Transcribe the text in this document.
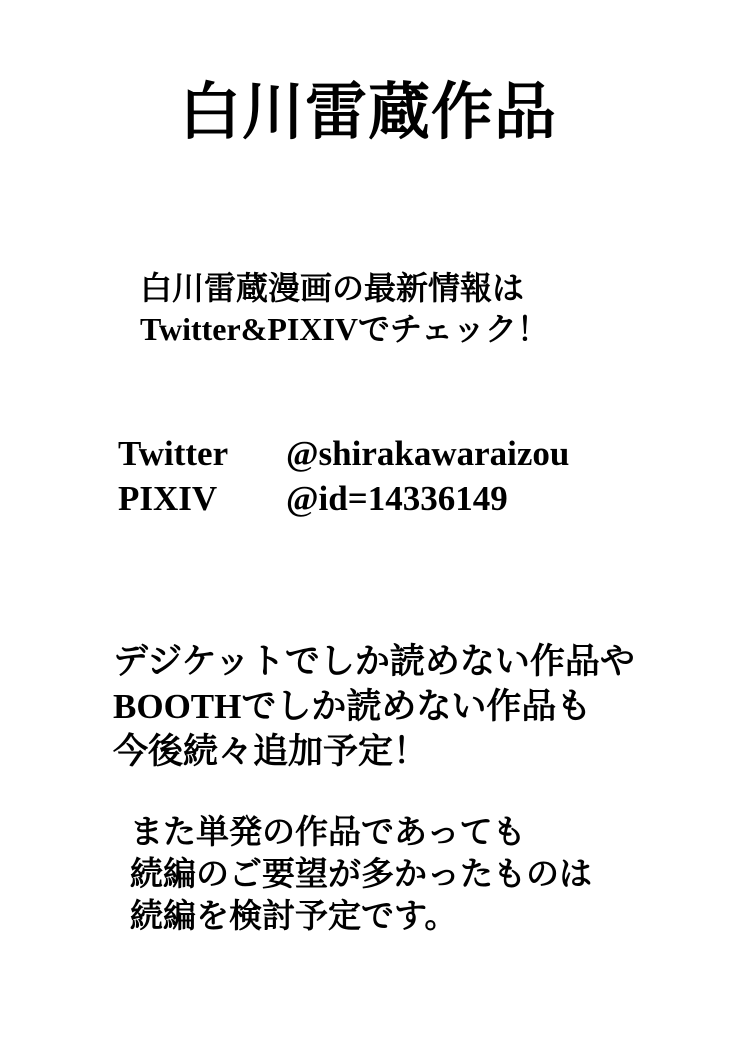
白川雷蔵作品
白川雷蔵漫画の最新情報は
Twitter&PIXIVでチェック！
Twitter	@shirakawaraizou
PIXIV	@id=14336149
デジケットでしか読めない作品や
BOOTHでしか読めない作品も
今後続々追加予定！
また単発の作品であっても
続編のご要望が多かったものは
続編を検討予定です。
